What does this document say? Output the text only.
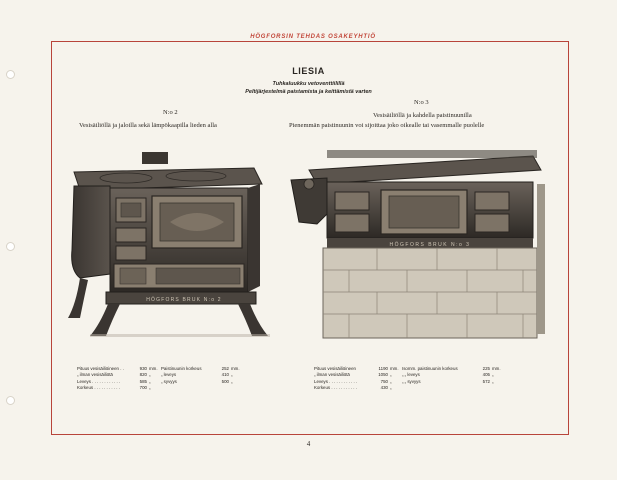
HÖGFORSIN TEHDAS OSAKEYHTIÖ
LIESIA
Tuhkaluukku vetoventtiilillä
Peltijärjestelmä paistamista ja keittämistä varten
N:o 2
Vesisäiliöllä ja jaloilla sekä lämpökaapilla lieden alla
N:o 3
Vesisäiliöllä ja kahdella paistinuunilla
Pienemmän paistinuunin voi sijoittaa joko oikealle tai vasemmalle puolelle
HÖGFORS BRUK N:o 2
HÖGFORS BRUK N:o 3
Pituus vesisäiliöineen . .	930 mm. Paistinuunin korkeus	252 mm.
„ ilman vesisäiliötä	820 „ „ leveys	410 „
Leveys . . . . . . . . . . . .	585 „ „ syvyys	500 „
Korkeus . . . . . . . . . . .	700 „
Pituus vesisäiliöineen	1190 mm. Isomm. paistinuunin korkeus	225 mm.
„ ilman vesisäiliötä	1050 „ „ „ leveys	405 „
Leveys . . . . . . . . . . . .	750 „ „ „ syvyys	572 „
Korkeus . . . . . . . . . . .	430 „
4
